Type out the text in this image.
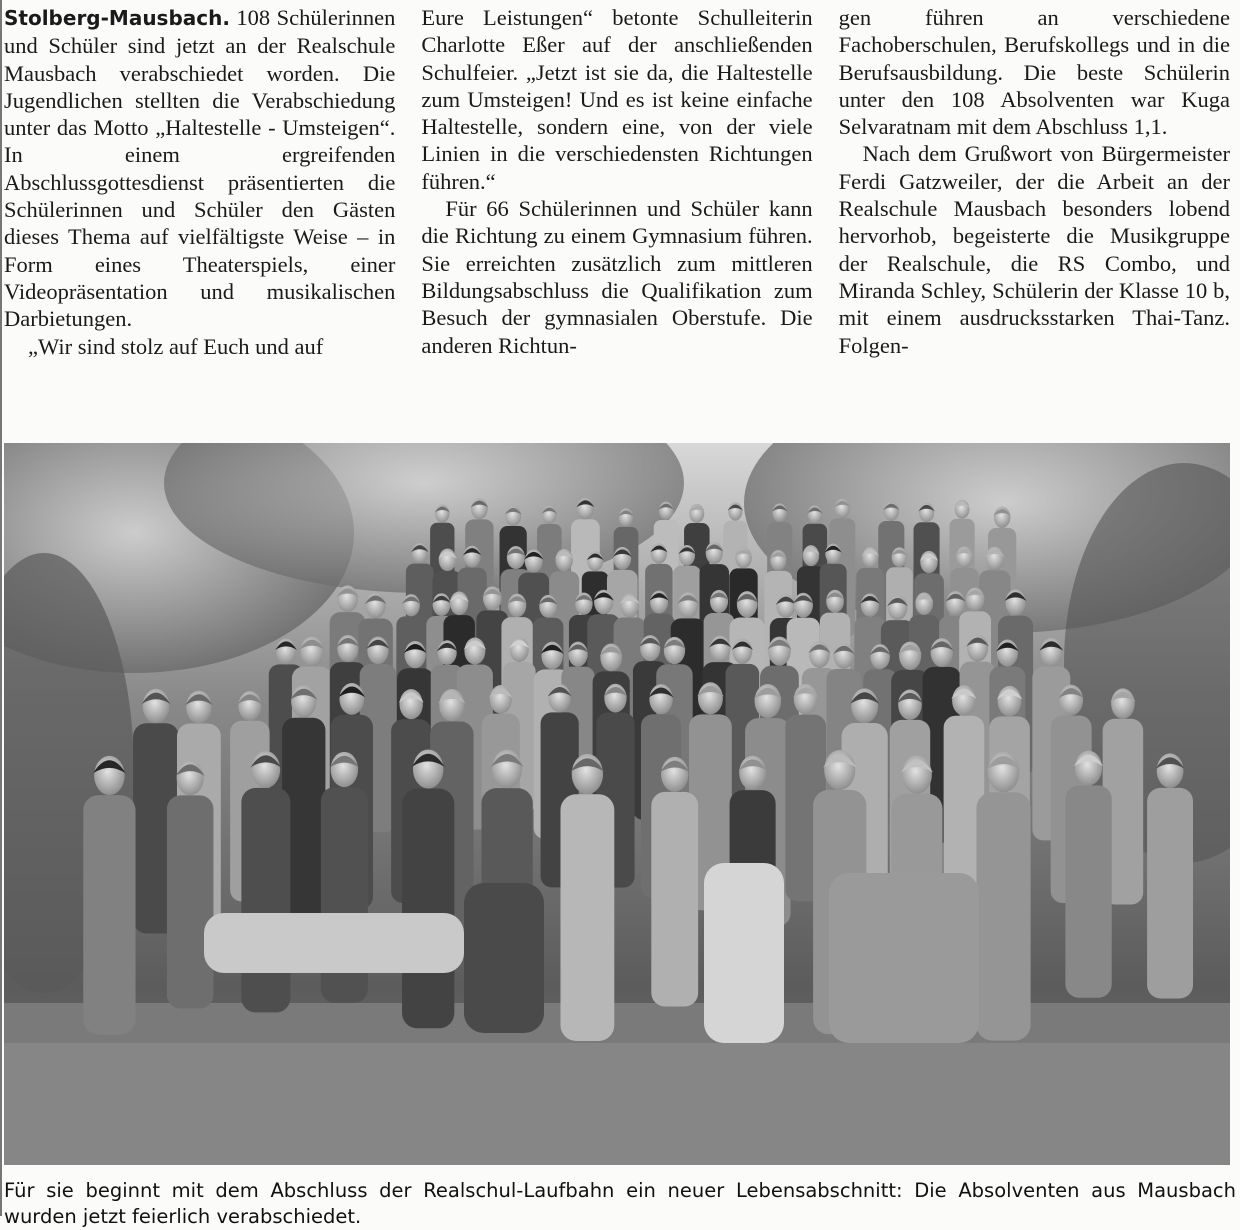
Stolberg-Mausbach. 108 Schülerinnen und Schüler sind jetzt an der Realschule Mausbach verabschiedet worden. Die Jugendlichen stellten die Verabschiedung unter das Motto „Haltestelle - Umsteigen“. In einem ergreifenden Abschlussgottesdienst präsentierten die Schülerinnen und Schüler den Gästen dieses Thema auf vielfältigste Weise – in Form eines Theaterspiels, einer Videopräsentation und musikalischen Darbietungen.

„Wir sind stolz auf Euch und auf

Eure Leistungen“ betonte Schulleiterin Charlotte Eßer auf der anschließenden Schulfeier. „Jetzt ist sie da, die Haltestelle zum Umsteigen! Und es ist keine einfache Haltestelle, sondern eine, von der viele Linien in die verschiedensten Richtungen führen.“

Für 66 Schülerinnen und Schüler kann die Richtung zu einem Gymnasium führen. Sie erreichten zusätzlich zum mittleren Bildungsabschluss die Qualifikation zum Besuch der gymnasialen Oberstufe. Die anderen Richtun-

gen führen an verschiedene Fachoberschulen, Berufskollegs und in die Berufsausbildung. Die beste Schülerin unter den 108 Absolventen war Kuga Selvaratnam mit dem Abschluss 1,1.

Nach dem Grußwort von Bürgermeister Ferdi Gatzweiler, der die Arbeit an der Realschule Mausbach besonders lobend hervorhob, begeisterte die Musikgruppe der Realschule, die RS Combo, und Miranda Schley, Schülerin der Klasse 10 b, mit einem ausdrucksstarken Thai-Tanz. Folgen-

Für sie beginnt mit dem Abschluss der Realschul-Laufbahn ein neuer Lebensabschnitt: Die Absolventen aus Mausbach wurden jetzt feierlich verabschiedet.
